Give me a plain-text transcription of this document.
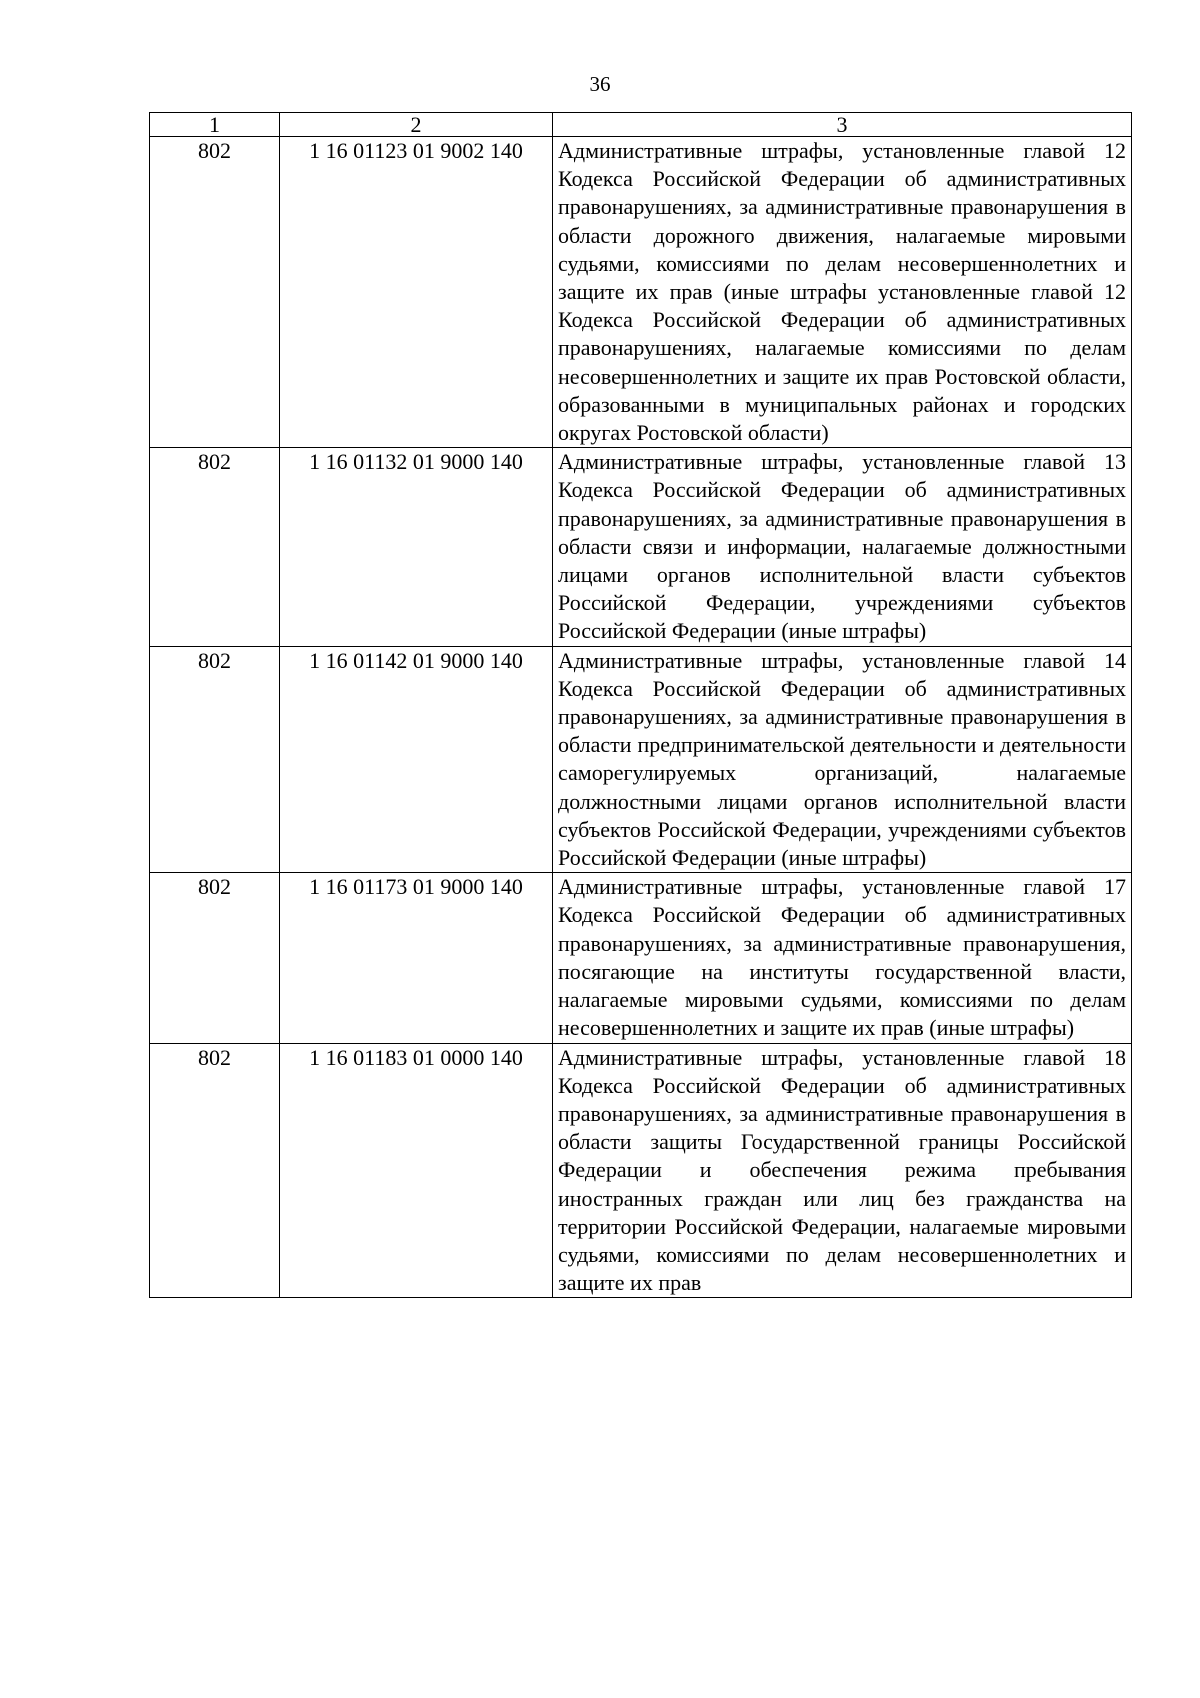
36
1	2	3
802	1 16 01123 01 9002 140	Административные штрафы, установленные главой 12 Кодекса Российской Федерации об административных правонарушениях, за административные правонарушения в области дорожного движения, налагаемые мировыми судьями, комиссиями по делам несовершеннолетних и защите их прав (иные штрафы установленные главой 12 Кодекса Российской Федерации об административных правонарушениях, налагаемые комиссиями по делам несовершеннолетних и защите их прав Ростовской области, образованными в муниципальных районах и городских округах Ростовской области)
802	1 16 01132 01 9000 140	Административные штрафы, установленные главой 13 Кодекса Российской Федерации об административных правонарушениях, за административные правонарушения в области связи и информации, налагаемые должностными лицами органов исполнительной власти субъектов Российской Федерации, учреждениями субъектов Российской Федерации (иные штрафы)
802	1 16 01142 01 9000 140	Административные штрафы, установленные главой 14 Кодекса Российской Федерации об административных правонарушениях, за административные правонарушения в области предпринимательской деятельности и деятельности саморегулируемых организаций, налагаемые должностными лицами органов исполнительной власти субъектов Российской Федерации, учреждениями субъектов Российской Федерации (иные штрафы)
802	1 16 01173 01 9000 140	Административные штрафы, установленные главой 17 Кодекса Российской Федерации об административных правонарушениях, за административные правонарушения, посягающие на институты государственной власти, налагаемые мировыми судьями, комиссиями по делам несовершеннолетних и защите их прав (иные штрафы)
802	1 16 01183 01 0000 140	Административные штрафы, установленные главой 18 Кодекса Российской Федерации об административных правонарушениях, за административные правонарушения в области защиты Государственной границы Российской Федерации и обеспечения режима пребывания иностранных граждан или лиц без гражданства на территории Российской Федерации, налагаемые мировыми судьями, комиссиями по делам несовершеннолетних и защите их прав
